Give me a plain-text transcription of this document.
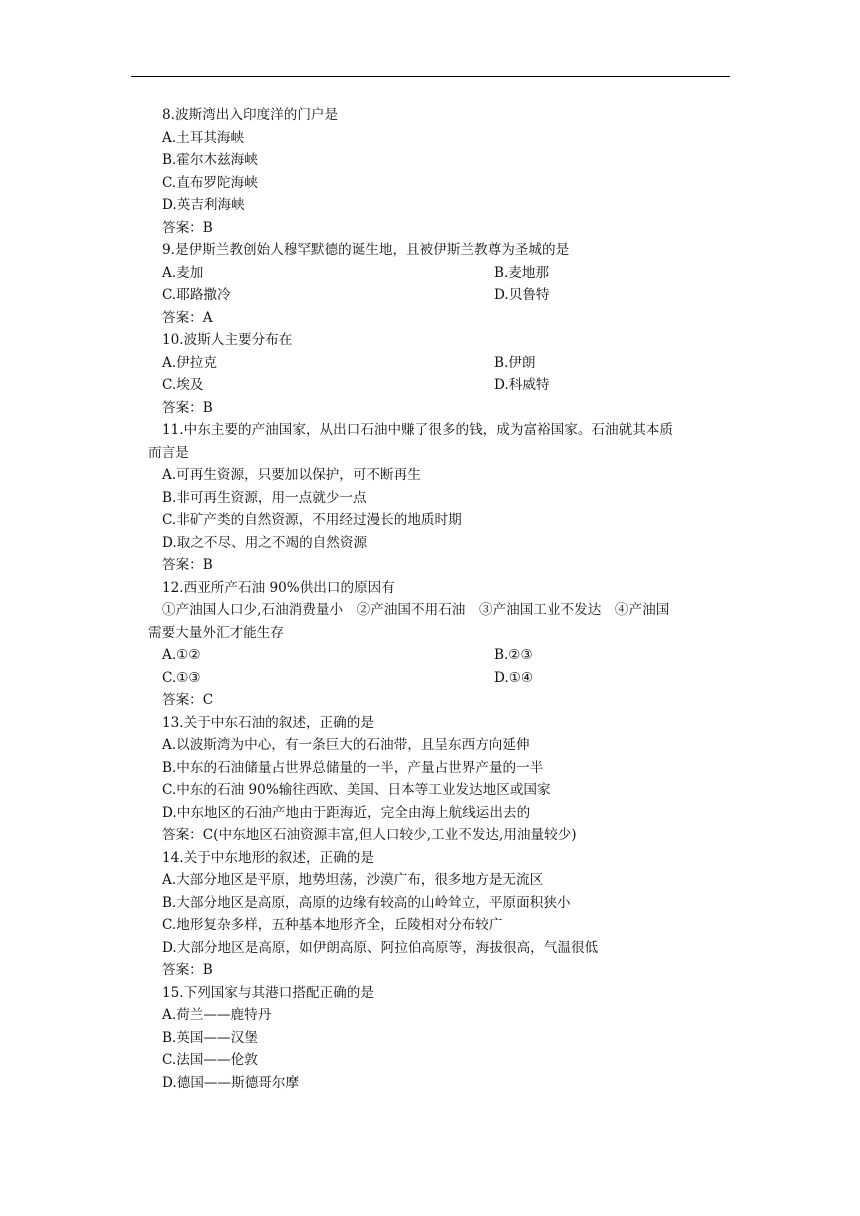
8.波斯湾出入印度洋的门户是
A.土耳其海峡
B.霍尔木兹海峡
C.直布罗陀海峡
D.英吉利海峡
答案：B
9.是伊斯兰教创始人穆罕默德的诞生地，且被伊斯兰教尊为圣城的是
A.麦加	B.麦地那
C.耶路撒冷	D.贝鲁特
答案：A
10.波斯人主要分布在
A.伊拉克	B.伊朗
C.埃及	D.科威特
答案：B
11.中东主要的产油国家，从出口石油中赚了很多的钱，成为富裕国家。石油就其本质
而言是
A.可再生资源，只要加以保护，可不断再生
B.非可再生资源，用一点就少一点
C.非矿产类的自然资源，不用经过漫长的地质时期
D.取之不尽、用之不竭的自然资源
答案：B
12.西亚所产石油 90%供出口的原因有
①产油国人口少,石油消费量小　②产油国不用石油　③产油国工业不发达　④产油国
需要大量外汇才能生存
A.①②	B.②③
C.①③	D.①④
答案：C
13.关于中东石油的叙述，正确的是
A.以波斯湾为中心，有一条巨大的石油带，且呈东西方向延伸
B.中东的石油储量占世界总储量的一半，产量占世界产量的一半
C.中东的石油 90%输往西欧、美国、日本等工业发达地区或国家
D.中东地区的石油产地由于距海近，完全由海上航线运出去的
答案：C(中东地区石油资源丰富,但人口较少,工业不发达,用油量较少)
14.关于中东地形的叙述，正确的是
A.大部分地区是平原，地势坦荡，沙漠广布，很多地方是无流区
B.大部分地区是高原，高原的边缘有较高的山岭耸立，平原面积狭小
C.地形复杂多样，五种基本地形齐全，丘陵相对分布较广
D.大部分地区是高原，如伊朗高原、阿拉伯高原等，海拔很高，气温很低
答案：B
15.下列国家与其港口搭配正确的是
A.荷兰——鹿特丹
B.英国——汉堡
C.法国——伦敦
D.德国——斯德哥尔摩
